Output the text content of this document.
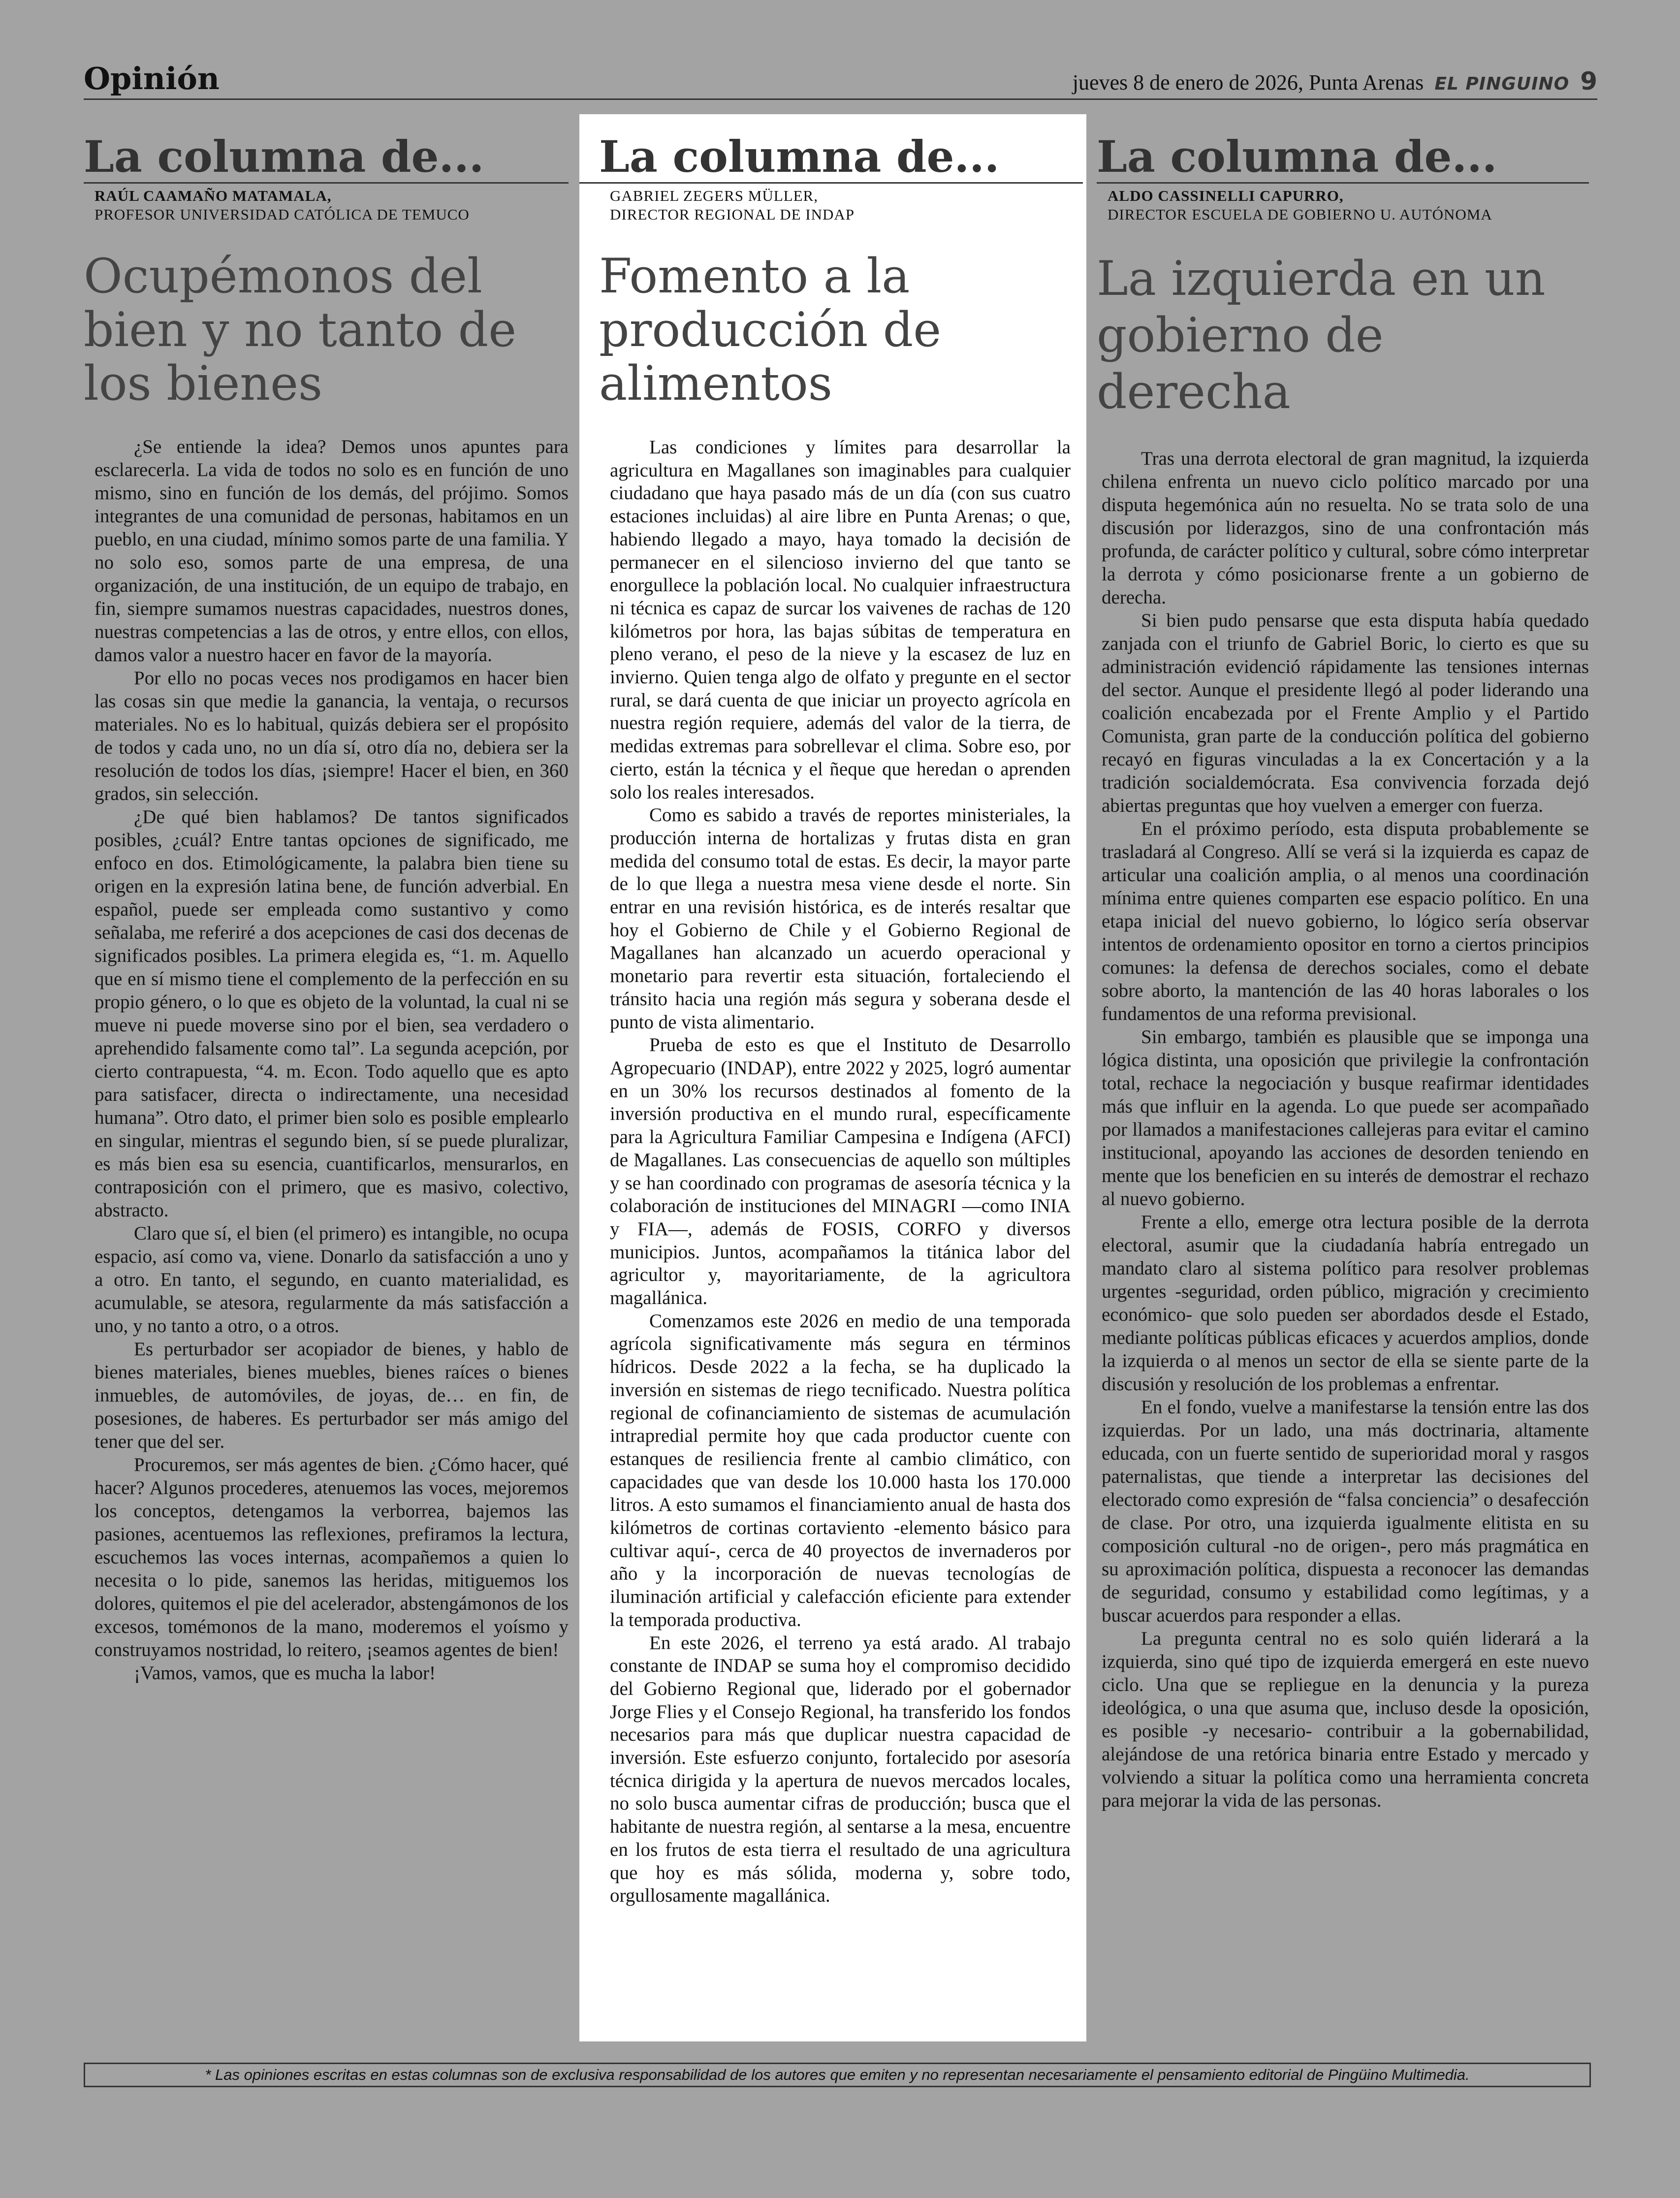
Opinión	jueves 8 de enero de 2026, Punta Arenas EL PINGUINO 9
La columna de...
RAÚL CAAMAÑO MATAMALA,
PROFESOR UNIVERSIDAD CATÓLICA DE TEMUCO
Ocupémonos del bien y no tanto de los bienes

¿Se entiende la idea? Demos unos apuntes para esclarecerla. La vida de todos no solo es en función de uno mismo, sino en función de los demás, del prójimo. Somos integrantes de una comunidad de personas, habitamos en un pueblo, en una ciudad, mínimo somos parte de una familia. Y no solo eso, somos parte de una empresa, de una organización, de una institución, de un equipo de trabajo, en fin, siempre sumamos nuestras capacidades, nuestros dones, nuestras competencias a las de otros, y entre ellos, con ellos, damos valor a nuestro hacer en favor de la mayoría.

Por ello no pocas veces nos prodigamos en hacer bien las cosas sin que medie la ganancia, la ventaja, o recursos materiales. No es lo habitual, quizás debiera ser el propósito de todos y cada uno, no un día sí, otro día no, debiera ser la resolución de todos los días, ¡siempre! Hacer el bien, en 360 grados, sin selección.

¿De qué bien hablamos? De tantos significados posibles, ¿cuál? Entre tantas opciones de significado, me enfoco en dos. Etimológicamente, la palabra bien tiene su origen en la expresión latina bene, de función adverbial. En español, puede ser empleada como sustantivo y como señalaba, me referiré a dos acepciones de casi dos decenas de significados posibles. La primera elegida es, “1. m. Aquello que en sí mismo tiene el complemento de la perfección en su propio género, o lo que es objeto de la voluntad, la cual ni se mueve ni puede moverse sino por el bien, sea verdadero o aprehendido falsamente como tal”. La segunda acepción, por cierto contrapuesta, “4. m. Econ. Todo aquello que es apto para satisfacer, directa o indirectamente, una necesidad humana”. Otro dato, el primer bien solo es posible emplearlo en singular, mientras el segundo bien, sí se puede pluralizar, es más bien esa su esencia, cuantificarlos, mensurarlos, en contraposición con el primero, que es masivo, colectivo, abstracto.

Claro que sí, el bien (el primero) es intangible, no ocupa espacio, así como va, viene. Donarlo da satisfacción a uno y a otro. En tanto, el segundo, en cuanto materialidad, es acumulable, se atesora, regularmente da más satisfacción a uno, y no tanto a otro, o a otros.

Es perturbador ser acopiador de bienes, y hablo de bienes materiales, bienes muebles, bienes raíces o bienes inmuebles, de automóviles, de joyas, de… en fin, de posesiones, de haberes. Es perturbador ser más amigo del tener que del ser.

Procuremos, ser más agentes de bien. ¿Cómo hacer, qué hacer? Algunos procederes, atenuemos las voces, mejoremos los conceptos, detengamos la verborrea, bajemos las pasiones, acentuemos las reflexiones, prefiramos la lectura, escuchemos las voces internas, acompañemos a quien lo necesita o lo pide, sanemos las heridas, mitiguemos los dolores, quitemos el pie del acelerador, abstengámonos de los excesos, tomémonos de la mano, moderemos el yoísmo y construyamos nostridad, lo reitero, ¡seamos agentes de bien!

¡Vamos, vamos, que es mucha la labor!

La columna de...
GABRIEL ZEGERS MÜLLER,
DIRECTOR REGIONAL DE INDAP
Fomento a la producción de alimentos

Las condiciones y límites para desarrollar la agricultura en Magallanes son imaginables para cualquier ciudadano que haya pasado más de un día (con sus cuatro estaciones incluidas) al aire libre en Punta Arenas; o que, habiendo llegado a mayo, haya tomado la decisión de permanecer en el silencioso invierno del que tanto se enorgullece la población local. No cualquier infraestructura ni técnica es capaz de surcar los vaivenes de rachas de 120 kilómetros por hora, las bajas súbitas de temperatura en pleno verano, el peso de la nieve y la escasez de luz en invierno. Quien tenga algo de olfato y pregunte en el sector rural, se dará cuenta de que iniciar un proyecto agrícola en nuestra región requiere, además del valor de la tierra, de medidas extremas para sobrellevar el clima. Sobre eso, por cierto, están la técnica y el ñeque que heredan o aprenden solo los reales interesados.

Como es sabido a través de reportes ministeriales, la producción interna de hortalizas y frutas dista en gran medida del consumo total de estas. Es decir, la mayor parte de lo que llega a nuestra mesa viene desde el norte. Sin entrar en una revisión histórica, es de interés resaltar que hoy el Gobierno de Chile y el Gobierno Regional de Magallanes han alcanzado un acuerdo operacional y monetario para revertir esta situación, fortaleciendo el tránsito hacia una región más segura y soberana desde el punto de vista alimentario.

Prueba de esto es que el Instituto de Desarrollo Agropecuario (INDAP), entre 2022 y 2025, logró aumentar en un 30% los recursos destinados al fomento de la inversión productiva en el mundo rural, específicamente para la Agricultura Familiar Campesina e Indígena (AFCI) de Magallanes. Las consecuencias de aquello son múltiples y se han coordinado con programas de asesoría técnica y la colaboración de instituciones del MINAGRI —como INIA y FIA—, además de FOSIS, CORFO y diversos municipios. Juntos, acompañamos la titánica labor del agricultor y, mayoritariamente, de la agricultora magallánica.

Comenzamos este 2026 en medio de una temporada agrícola significativamente más segura en términos hídricos. Desde 2022 a la fecha, se ha duplicado la inversión en sistemas de riego tecnificado. Nuestra política regional de cofinanciamiento de sistemas de acumulación intrapredial permite hoy que cada productor cuente con estanques de resiliencia frente al cambio climático, con capacidades que van desde los 10.000 hasta los 170.000 litros. A esto sumamos el financiamiento anual de hasta dos kilómetros de cortinas cortaviento -elemento básico para cultivar aquí-, cerca de 40 proyectos de invernaderos por año y la incorporación de nuevas tecnologías de iluminación artificial y calefacción eficiente para extender la temporada productiva.

En este 2026, el terreno ya está arado. Al trabajo constante de INDAP se suma hoy el compromiso decidido del Gobierno Regional que, liderado por el gobernador Jorge Flies y el Consejo Regional, ha transferido los fondos necesarios para más que duplicar nuestra capacidad de inversión. Este esfuerzo conjunto, fortalecido por asesoría técnica dirigida y la apertura de nuevos mercados locales, no solo busca aumentar cifras de producción; busca que el habitante de nuestra región, al sentarse a la mesa, encuentre en los frutos de esta tierra el resultado de una agricultura que hoy es más sólida, moderna y, sobre todo, orgullosamente magallánica.

La columna de...
ALDO CASSINELLI CAPURRO,
DIRECTOR ESCUELA DE GOBIERNO U. AUTÓNOMA
La izquierda en un gobierno de derecha

Tras una derrota electoral de gran magnitud, la izquierda chilena enfrenta un nuevo ciclo político marcado por una disputa hegemónica aún no resuelta. No se trata solo de una discusión por liderazgos, sino de una confrontación más profunda, de carácter político y cultural, sobre cómo interpretar la derrota y cómo posicionarse frente a un gobierno de derecha.

Si bien pudo pensarse que esta disputa había quedado zanjada con el triunfo de Gabriel Boric, lo cierto es que su administración evidenció rápidamente las tensiones internas del sector. Aunque el presidente llegó al poder liderando una coalición encabezada por el Frente Amplio y el Partido Comunista, gran parte de la conducción política del gobierno recayó en figuras vinculadas a la ex Concertación y a la tradición socialdemócrata. Esa convivencia forzada dejó abiertas preguntas que hoy vuelven a emerger con fuerza.

En el próximo período, esta disputa probablemente se trasladará al Congreso. Allí se verá si la izquierda es capaz de articular una coalición amplia, o al menos una coordinación mínima entre quienes comparten ese espacio político. En una etapa inicial del nuevo gobierno, lo lógico sería observar intentos de ordenamiento opositor en torno a ciertos principios comunes: la defensa de derechos sociales, como el debate sobre aborto, la mantención de las 40 horas laborales o los fundamentos de una reforma previsional.

Sin embargo, también es plausible que se imponga una lógica distinta, una oposición que privilegie la confrontación total, rechace la negociación y busque reafirmar identidades más que influir en la agenda. Lo que puede ser acompañado por llamados a manifestaciones callejeras para evitar el camino institucional, apoyando las acciones de desorden teniendo en mente que los beneficien en su interés de demostrar el rechazo al nuevo gobierno.

Frente a ello, emerge otra lectura posible de la derrota electoral, asumir que la ciudadanía habría entregado un mandato claro al sistema político para resolver problemas urgentes -seguridad, orden público, migración y crecimiento económico- que solo pueden ser abordados desde el Estado, mediante políticas públicas eficaces y acuerdos amplios, donde la izquierda o al menos un sector de ella se siente parte de la discusión y resolución de los problemas a enfrentar.

En el fondo, vuelve a manifestarse la tensión entre las dos izquierdas. Por un lado, una más doctrinaria, altamente educada, con un fuerte sentido de superioridad moral y rasgos paternalistas, que tiende a interpretar las decisiones del electorado como expresión de “falsa conciencia” o desafección de clase. Por otro, una izquierda igualmente elitista en su composición cultural -no de origen-, pero más pragmática en su aproximación política, dispuesta a reconocer las demandas de seguridad, consumo y estabilidad como legítimas, y a buscar acuerdos para responder a ellas.

La pregunta central no es solo quién liderará a la izquierda, sino qué tipo de izquierda emergerá en este nuevo ciclo. Una que se repliegue en la denuncia y la pureza ideológica, o una que asuma que, incluso desde la oposición, es posible -y necesario- contribuir a la gobernabilidad, alejándose de una retórica binaria entre Estado y mercado y volviendo a situar la política como una herramienta concreta para mejorar la vida de las personas.

* Las opiniones escritas en estas columnas son de exclusiva responsabilidad de los autores que emiten y no representan necesariamente el pensamiento editorial de Pingüino Multimedia.
